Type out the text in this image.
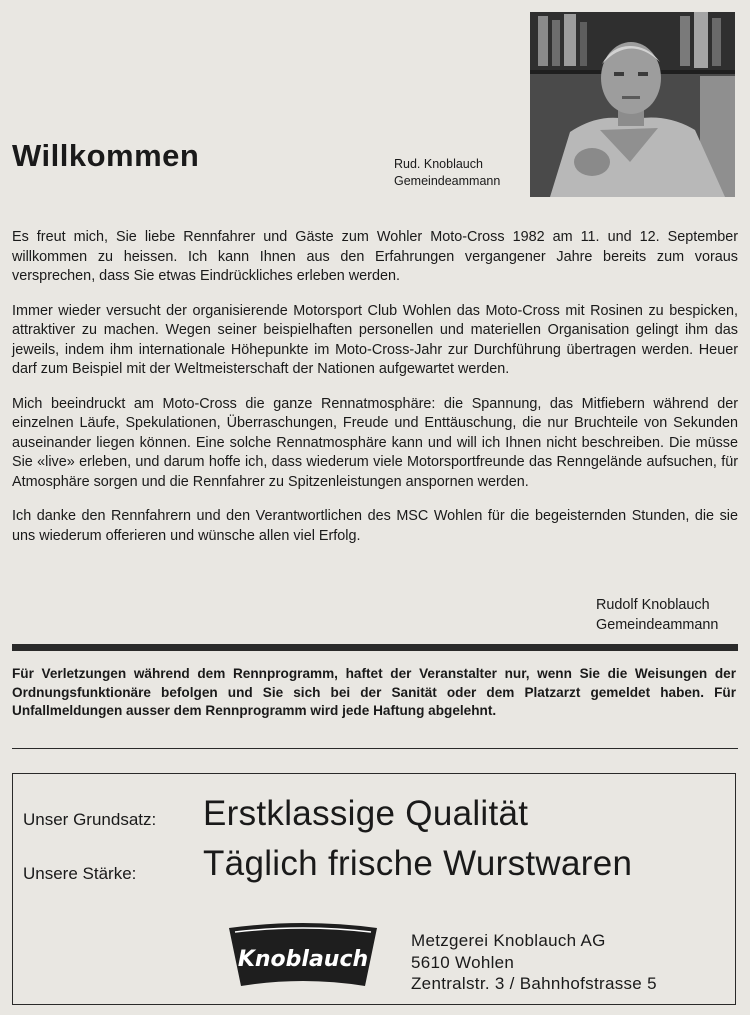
Willkommen	Rud. Knoblauch
Gemeindeammann

Es freut mich, Sie liebe Rennfahrer und Gäste zum Wohler Moto-Cross 1982 am 11. und 12. September willkommen zu heissen. Ich kann Ihnen aus den Erfahrungen vergangener Jahre bereits zum voraus versprechen, dass Sie etwas Eindrückliches erleben werden.

Immer wieder versucht der organisierende Motorsport Club Wohlen das Moto-Cross mit Rosinen zu bespicken, attraktiver zu machen. Wegen seiner beispielhaften personellen und materiellen Organisation gelingt ihm das jeweils, indem ihm internationale Höhepunkte im Moto-Cross-Jahr zur Durchführung übertragen werden. Heuer darf zum Beispiel mit der Weltmeisterschaft der Nationen aufgewartet werden.

Mich beeindruckt am Moto-Cross die ganze Rennatmosphäre: die Spannung, das Mitfiebern während der einzelnen Läufe, Spekulationen, Überraschungen, Freude und Enttäuschung, die nur Bruchteile von Sekunden auseinander liegen können. Eine solche Rennatmosphäre kann und will ich Ihnen nicht beschreiben. Die müsse Sie «live» erleben, und darum hoffe ich, dass wiederum viele Motorsportfreunde das Renngelände aufsuchen, für Atmosphäre sorgen und die Rennfahrer zu Spitzenleistungen anspornen werden.

Ich danke den Rennfahrern und den Verantwortlichen des MSC Wohlen für die begeisternden Stunden, die sie uns wiederum offerieren und wünsche allen viel Erfolg.

Rudolf Knoblauch
Gemeindeammann
Für Verletzungen während dem Rennprogramm, haftet der Veranstalter nur, wenn Sie die Weisungen der Ordnungsfunktionäre befolgen und Sie sich bei der Sanität oder dem Platzarzt gemeldet haben. Für Unfallmeldungen ausser dem Rennprogramm wird jede Haftung abgelehnt.
Unser Grundsatz: Erstklassige Qualität
Unsere Stärke: Täglich frische Wurstwaren
Knoblauch
Metzgerei Knoblauch AG
5610 Wohlen
Zentralstr. 3 / Bahnhofstrasse 5
